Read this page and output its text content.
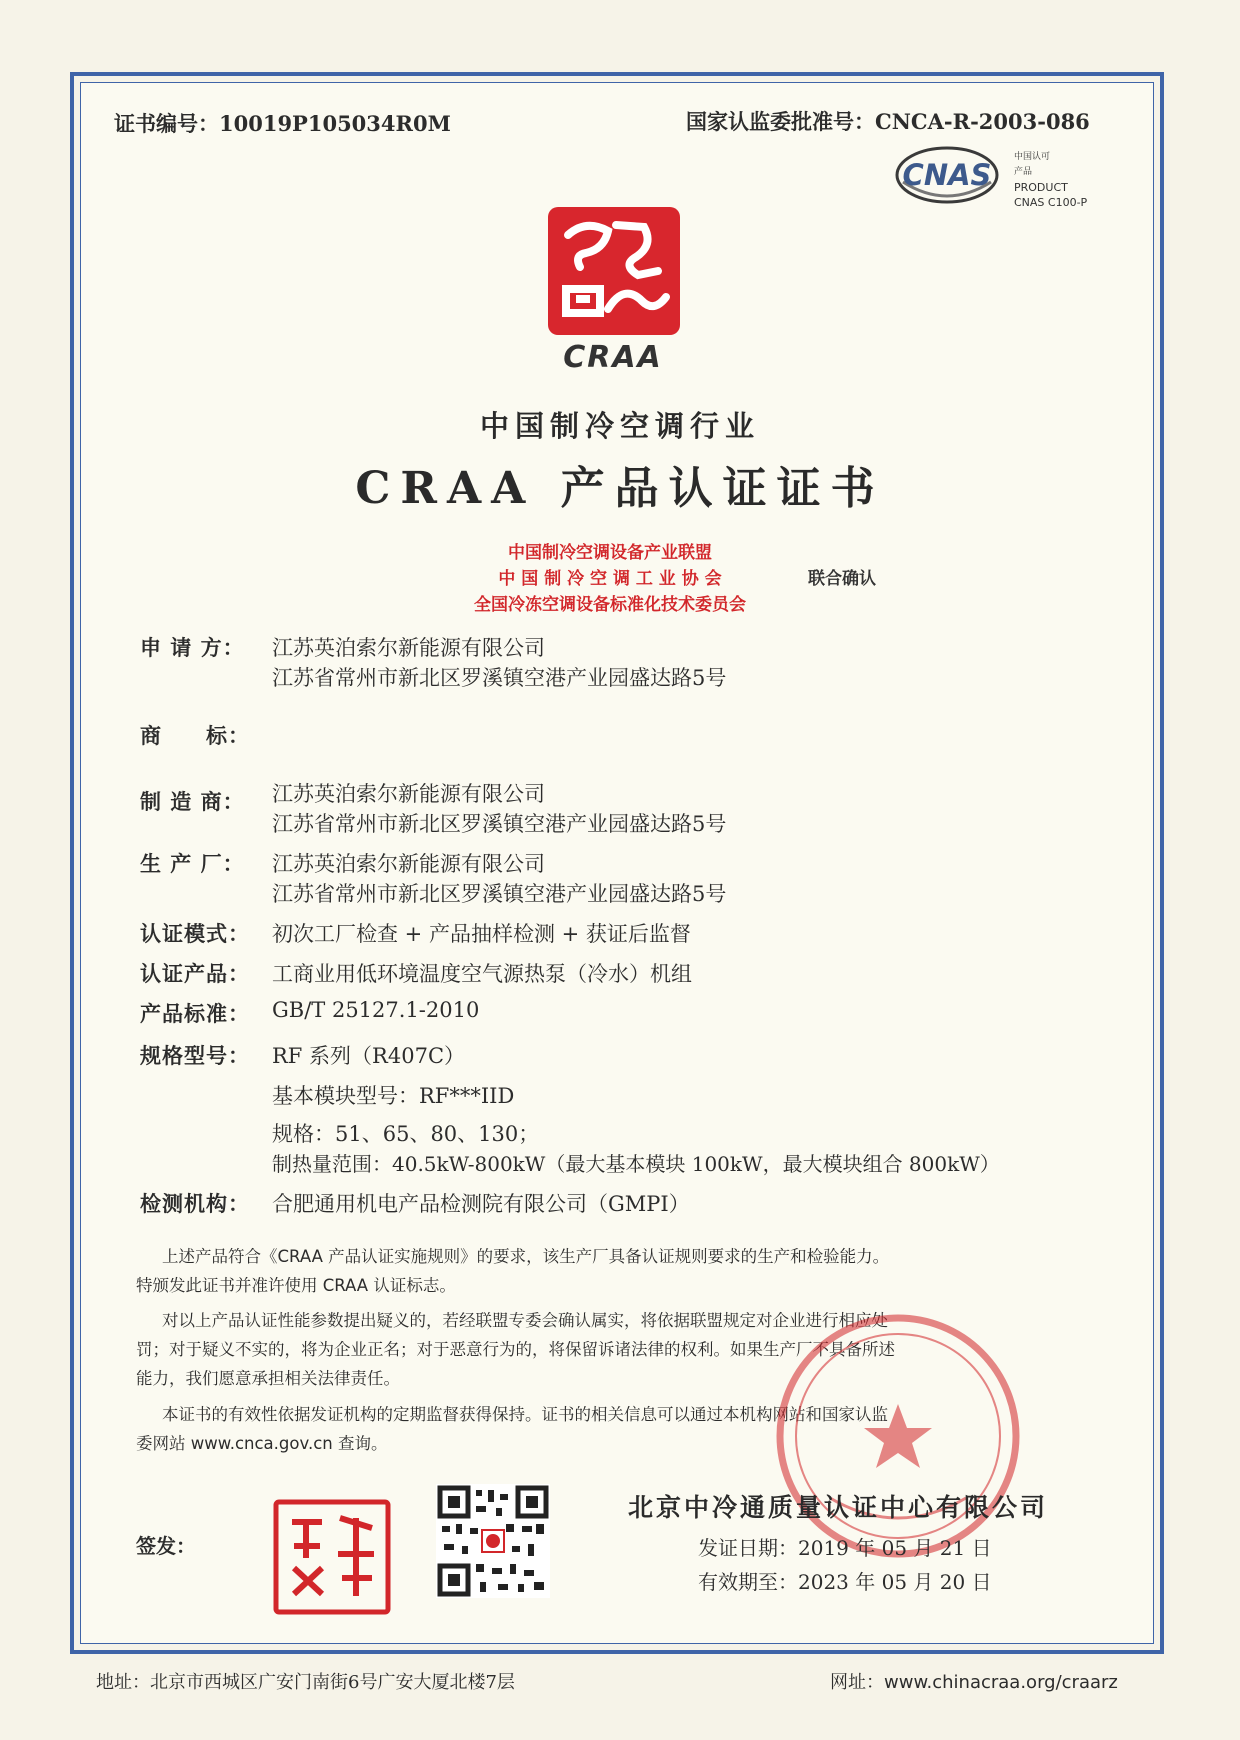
证书编号：10019P105034R0M	国家认监委批准号：CNCA-R-2003-086
CNAS
中国认可
产品
PRODUCT
CNAS C100-P
CRAA
中国制冷空调行业
CRAA 产品认证证书
中国制冷空调设备产业联盟
中 国 制 冷 空 调 工 业 协 会
全国冷冻空调设备标准化技术委员会
联合确认
申 请 方： 江苏英泊索尔新能源有限公司
江苏省常州市新北区罗溪镇空港产业园盛达路5号
商　　标：
制 造 商： 江苏英泊索尔新能源有限公司
江苏省常州市新北区罗溪镇空港产业园盛达路5号
生 产 厂： 江苏英泊索尔新能源有限公司
江苏省常州市新北区罗溪镇空港产业园盛达路5号
认证模式： 初次工厂检查 + 产品抽样检测 + 获证后监督
认证产品： 工商业用低环境温度空气源热泵（冷水）机组
产品标准： GB/T 25127.1-2010
规格型号： RF 系列（R407C）
基本模块型号：RF***IID
规格：51、65、80、130；
制热量范围：40.5kW-800kW（最大基本模块 100kW，最大模块组合 800kW）
检测机构： 合肥通用机电产品检测院有限公司（GMPI）
上述产品符合《CRAA 产品认证实施规则》的要求，该生产厂具备认证规则要求的生产和检验能力。
特颁发此证书并准许使用 CRAA 认证标志。
对以上产品认证性能参数提出疑义的，若经联盟专委会确认属实，将依据联盟规定对企业进行相应处
罚；对于疑义不实的，将为企业正名；对于恶意行为的，将保留诉诸法律的权利。如果生产厂不具备所述
能力，我们愿意承担相关法律责任。
本证书的有效性依据发证机构的定期监督获得保持。证书的相关信息可以通过本机构网站和国家认监
委网站 www.cnca.gov.cn 查询。
北京中冷通质量认证中心有限公司
发证日期：2019 年 05 月 21 日
有效期至：2023 年 05 月 20 日
签发：
地址：北京市西城区广安门南街6号广安大厦北楼7层	网址：www.chinacraa.org/craarz
